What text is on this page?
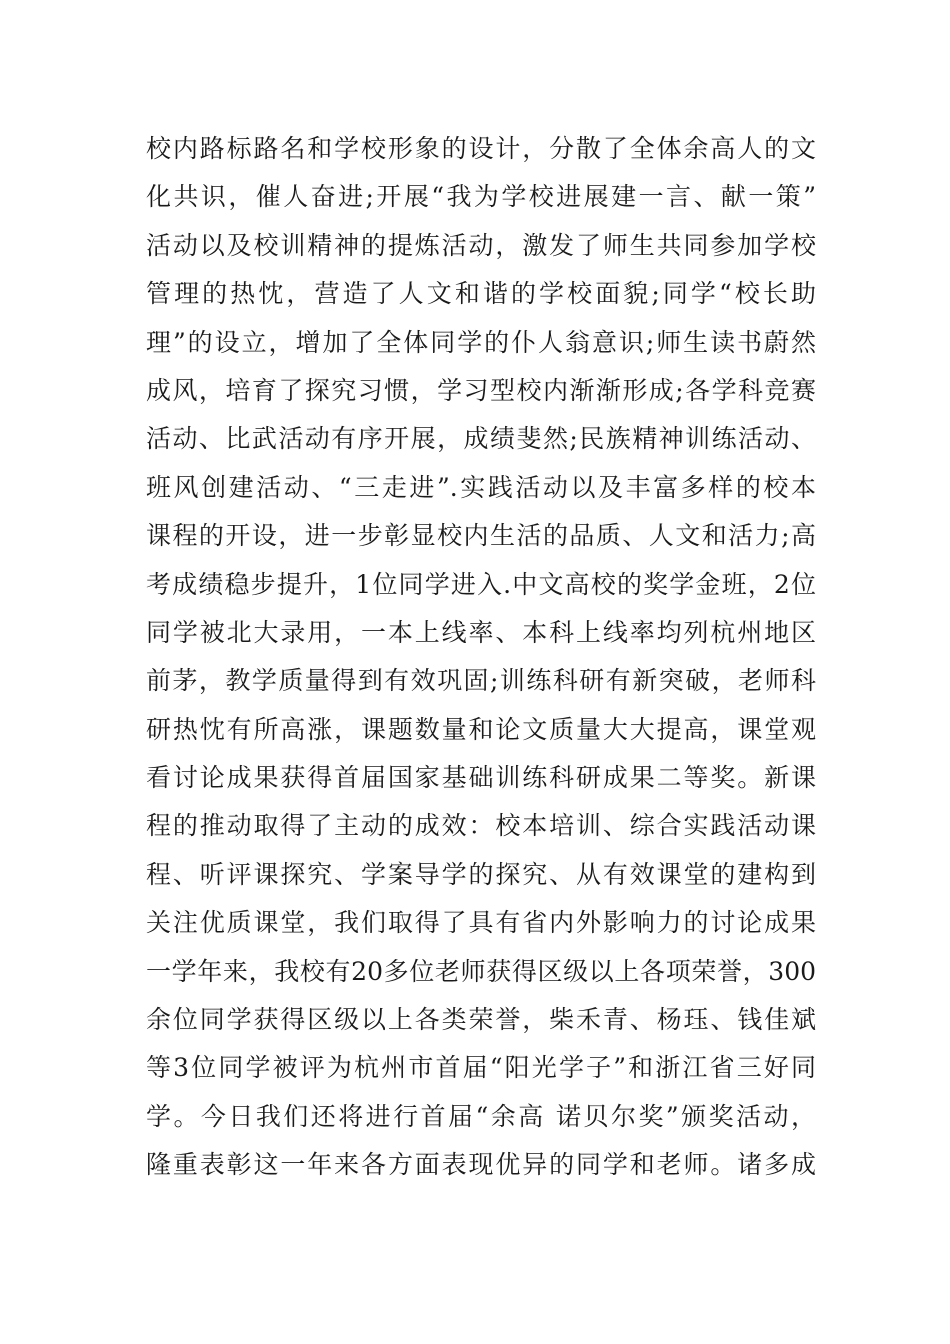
校内路标路名和学校形象的设计，分散了全体余高人的文
化共识，催人奋进;开展“我为学校进展建一言、献一策”
活动以及校训精神的提炼活动，激发了师生共同参加学校
管理的热忱，营造了人文和谐的学校面貌;同学“校长助
理”的设立，增加了全体同学的仆人翁意识;师生读书蔚然
成风，培育了探究习惯，学习型校内渐渐形成;各学科竞赛
活动、比武活动有序开展，成绩斐然;民族精神训练活动、
班风创建活动、“三走进”.实践活动以及丰富多样的校本
课程的开设，进一步彰显校内生活的品质、人文和活力;高
考成绩稳步提升，1位同学进入.中文高校的奖学金班，2位
同学被北大录用，一本上线率、本科上线率均列杭州地区
前茅，教学质量得到有效巩固;训练科研有新突破，老师科
研热忱有所高涨，课题数量和论文质量大大提高，课堂观
看讨论成果获得首届国家基础训练科研成果二等奖。新课
程的推动取得了主动的成效：校本培训、综合实践活动课
程、听评课探究、学案导学的探究、从有效课堂的建构到
关注优质课堂，我们取得了具有省内外影响力的讨论成果
一学年来，我校有20多位老师获得区级以上各项荣誉，300
余位同学获得区级以上各类荣誉，柴禾青、杨珏、钱佳斌
等3位同学被评为杭州市首届“阳光学子”和浙江省三好同
学。今日我们还将进行首届“余高 诺贝尔奖”颁奖活动，
隆重表彰这一年来各方面表现优异的同学和老师。诸多成
